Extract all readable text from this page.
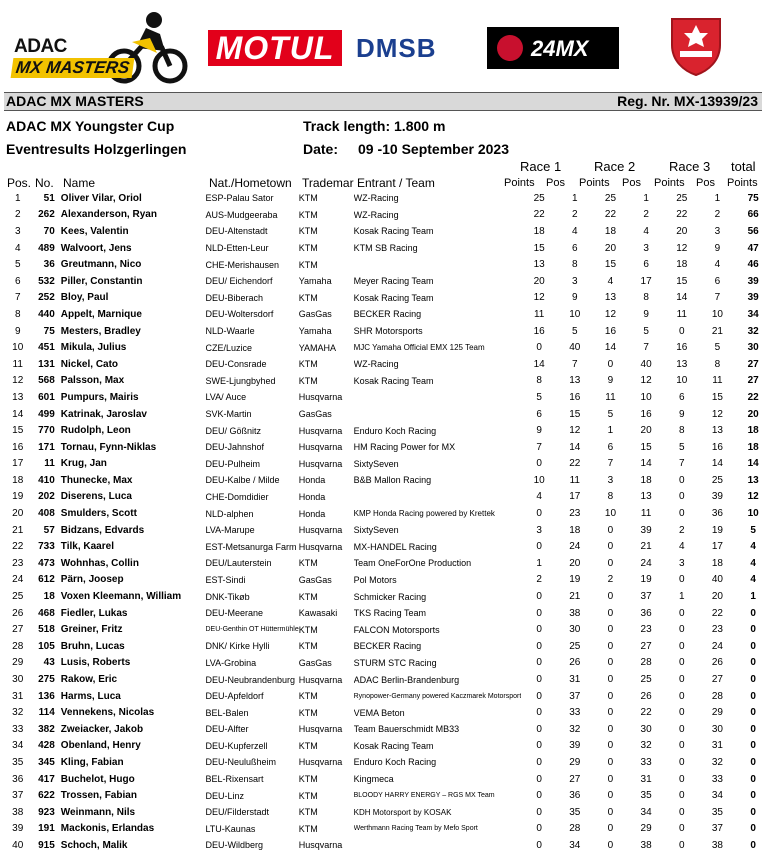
ADAC
MX MASTERS
MOTUL DMSB	24MX
ADAC MX MASTERS	Reg. Nr. MX-13939/23
ADAC MX Youngster Cup	Track length: 1.800 m
Eventresults Holzgerlingen	Date: 09 -10 September 2023
Race 1	Race 2	Race 3 total
Pos. No. Name	Nat./Hometown Trademar Entrant / Team	Points Pos Points Pos Points Pos Points
1	51	Oliver Vilar, Oriol	ESP-Palau Sator	KTM	WZ-Racing	25	1	25	1	25	1	75
2	262	Alexanderson, Ryan	AUS-Mudgeeraba	KTM	WZ-Racing	22	2	22	2	22	2	66
3	70	Kees, Valentin	DEU-Altenstadt	KTM	Kosak Racing Team	18	4	18	4	20	3	56
4	489	Walvoort, Jens	NLD-Etten-Leur	KTM	KTM SB Racing	15	6	20	3	12	9	47
5	36	Greutmann, Nico	CHE-Merishausen	KTM		13	8	15	6	18	4	46
6	532	Piller, Constantin	DEU/ Eichendorf	Yamaha	Meyer Racing Team	20	3	4	17	15	6	39
7	252	Bloy, Paul	DEU-Biberach	KTM	Kosak Racing Team	12	9	13	8	14	7	39
8	440	Appelt, Marnique	DEU-Woltersdorf	GasGas	BECKER Racing	11	10	12	9	11	10	34
9	75	Mesters, Bradley	NLD-Waarle	Yamaha	SHR Motorsports	16	5	16	5	0	21	32
10	451	Mikula, Julius	CZE/Luzice	YAMAHA	MJC Yamaha Official EMX 125 Team	0	40	14	7	16	5	30
11	131	Nickel, Cato	DEU-Consrade	KTM	WZ-Racing	14	7	0	40	13	8	27
12	568	Palsson, Max	SWE-Ljungbyhed	KTM	Kosak Racing Team	8	13	9	12	10	11	27
13	601	Pumpurs, Mairis	LVA/ Auce	Husqvarna		5	16	11	10	6	15	22
14	499	Katrinak, Jaroslav	SVK-Martin	GasGas		6	15	5	16	9	12	20
15	770	Rudolph, Leon	DEU/ Gößnitz	Husqvarna	Enduro Koch Racing	9	12	1	20	8	13	18
16	171	Tornau, Fynn-Niklas	DEU-Jahnshof	Husqvarna	HM Racing Power for MX	7	14	6	15	5	16	18
17	11	Krug, Jan	DEU-Pulheim	Husqvarna	SixtySeven	0	22	7	14	7	14	14
18	410	Thunecke, Max	DEU-Kalbe / Milde	Honda	B&B Mallon Racing	10	11	3	18	0	25	13
19	202	Diserens, Luca	CHE-Domdidier	Honda		4	17	8	13	0	39	12
20	408	Smulders, Scott	NLD-alphen	Honda	KMP Honda Racing powered by Krettek	0	23	10	11	0	36	10
21	57	Bidzans, Edvards	LVA-Marupe	Husqvarna	SixtySeven	3	18	0	39	2	19	5
22	733	Tilk, Kaarel	EST-Metsanurga Farm	Husqvarna	MX-HANDEL Racing	0	24	0	21	4	17	4
23	473	Wohnhas, Collin	DEU/Lauterstein	KTM	Team OneForOne Production	1	20	0	24	3	18	4
24	612	Pärn, Joosep	EST-Sindi	GasGas	Pol Motors	2	19	2	19	0	40	4
25	18	Voxen Kleemann, William	DNK-Tikøb	KTM	Schmicker Racing	0	21	0	37	1	20	1
26	468	Fiedler, Lukas	DEU-Meerane	Kawasaki	TKS Racing Team	0	38	0	36	0	22	0
27	518	Greiner, Fritz	DEU-Genthin OT Hüttermühle	KTM	FALCON Motorsports	0	30	0	23	0	23	0
28	105	Bruhn, Lucas	DNK/ Kirke Hylli	KTM	BECKER Racing	0	25	0	27	0	24	0
29	43	Lusis, Roberts	LVA-Grobina	GasGas	STURM STC Racing	0	26	0	28	0	26	0
30	275	Rakow, Eric	DEU-Neubrandenburg	Husqvarna	ADAC Berlin-Brandenburg	0	31	0	25	0	27	0
31	136	Harms, Luca	DEU-Apfeldorf	KTM	Rynopower-Germany powered Kaczmarek Motorsport	0	37	0	26	0	28	0
32	114	Vennekens, Nicolas	BEL-Balen	KTM	VEMA Beton	0	33	0	22	0	29	0
33	382	Zweiacker, Jakob	DEU-Alfter	Husqvarna	Team Bauerschmidt MB33	0	32	0	30	0	30	0
34	428	Obenland, Henry	DEU-Kupferzell	KTM	Kosak Racing Team	0	39	0	32	0	31	0
35	345	Kling, Fabian	DEU-Neulußheim	Husqvarna	Enduro Koch Racing	0	29	0	33	0	32	0
36	417	Buchelot, Hugo	BEL-Rixensart	KTM	Kingmeca	0	27	0	31	0	33	0
37	622	Trossen, Fabian	DEU-Linz	KTM	BLOODY HARRY ENERGY – RGS MX Team	0	36	0	35	0	34	0
38	923	Weinmann, Nils	DEU/Filderstadt	KTM	KDH Motorsport by KOSAK	0	35	0	34	0	35	0
39	191	Mackonis, Erlandas	LTU-Kaunas	KTM	Werthmann Racing Team by Mefo Sport	0	28	0	29	0	37	0
40	915	Schoch, Malik	DEU-Wildberg	Husqvarna		0	34	0	38	0	38	0
